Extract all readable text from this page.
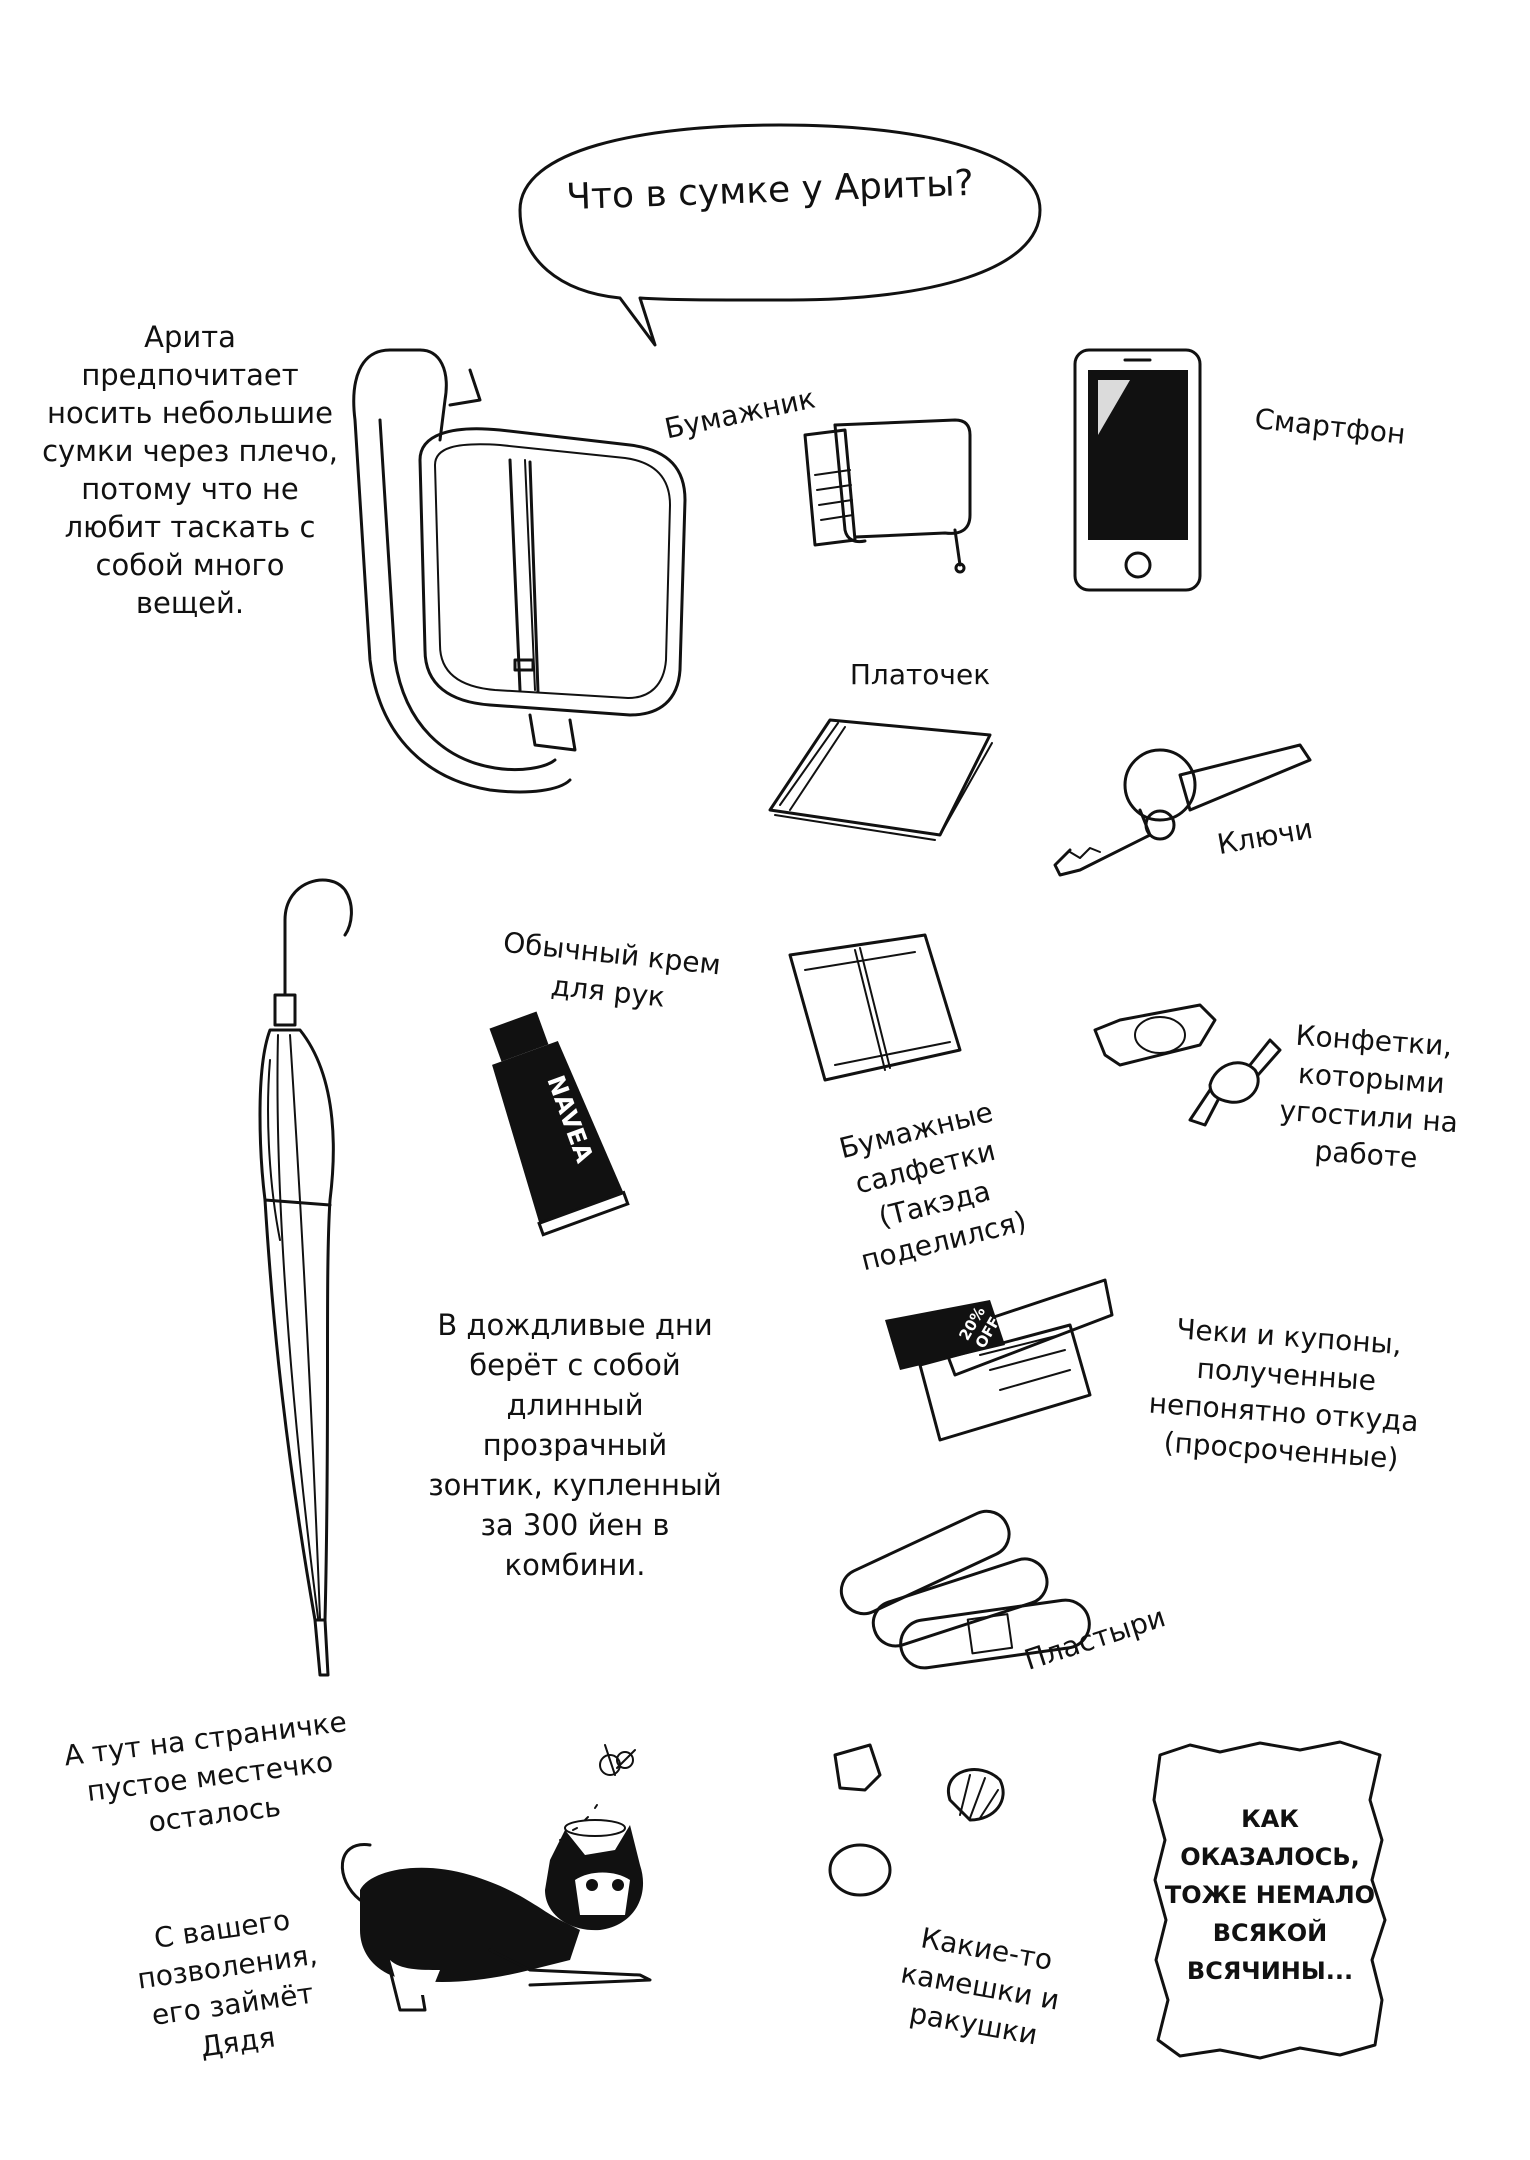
Что в сумке у Ариты?
Арита
предпочитает
носить небольшие
сумки через плечо,
потому что не
любит таскать с
собой много
вещей.
Бумажник	Смартфон
Платочек
Ключи
В дождливые дни
берёт с собой
длинный прозрачный
зонтик, купленный
за 300 йен в
комбини.
Обычный крем
для рук
NAVEA	Бумажные
салфетки
(Такэда
поделился)
Конфетки,
которыми
угостили на
работе
20% OFF	Чеки и купоны,
полученные
непонятно откуда
(просроченные)
Пластыри
А тут на страничке
пустое местечко
осталось
С вашего
позволения,
его займёт
Дядя
Какие-то
камешки и
ракушки
КАК
ОКАЗАЛОСЬ,
ТОЖЕ НЕМАЛО
ВСЯКОЙ
ВСЯЧИНЫ...
